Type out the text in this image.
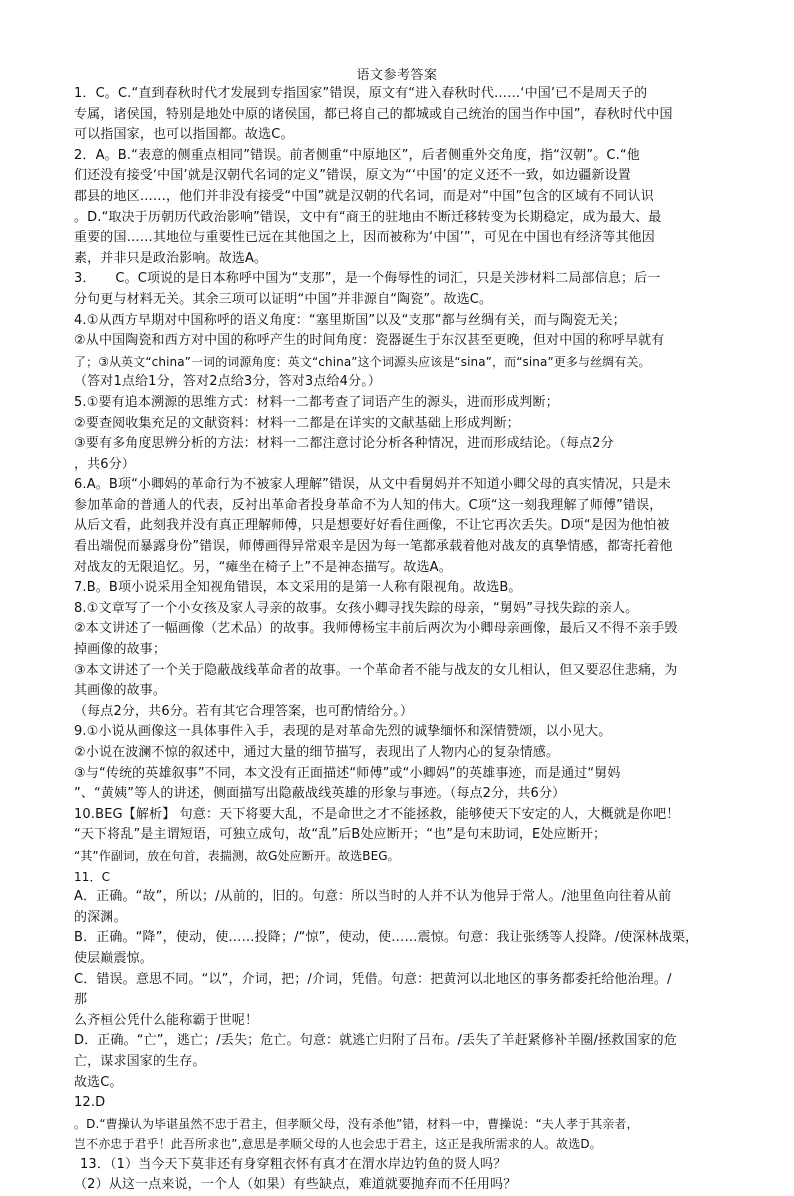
语文参考答案
1．C。C.“直到春秋时代才发展到专指国家”错误，原文有“进入春秋时代……‘中国’已不是周天子的
专属，诸侯国，特别是地处中原的诸侯国，都已将自己的都城或自己统治的国当作中国”，春秋时代中国
可以指国家，也可以指国都。故选C。
2．A。B.“表意的侧重点相同”错误。前者侧重“中原地区”，后者侧重外交角度，指“汉朝”。C.“他
们还没有接受‘中国’就是汉朝代名词的定义”错误，原文为“‘中国’的定义还不一致，如边疆新设置
郡县的地区……，他们并非没有接受“中国”就是汉朝的代名词，而是对“中国”包含的区域有不同认识
。D.“取决于历朝历代政治影响”错误，文中有“商王的驻地由不断迁移转变为长期稳定，成为最大、最
重要的国……其地位与重要性已远在其他国之上，因而被称为‘中国’”，可见在中国也有经济等其他因
素，并非只是政治影响。故选A。
3．　　C。C项说的是日本称呼中国为“支那”，是一个侮辱性的词汇，只是关涉材料二局部信息；后一
分句更与材料无关。其余三项可以证明“中国”并非源自“陶瓷”。故选C。
4.①从西方早期对中国称呼的语义角度：“塞里斯国”以及“支那”都与丝绸有关，而与陶瓷无关；
②从中国陶瓷和西方对中国的称呼产生的时间角度：瓷器诞生于东汉甚至更晚，但对中国的称呼早就有
了；③从英文“china”一词的词源角度：英文“china”这个词源头应该是“sina”，而“sina”更多与丝绸有关。
（答对1点给1分，答对2点给3分，答对3点给4分。）
5.①要有追本溯源的思维方式：材料一二都考查了词语产生的源头，进而形成判断；
②要查阅收集充足的文献资料：材料一二都是在详实的文献基础上形成判断；
③要有多角度思辨分析的方法：材料一二都注意讨论分析各种情况，进而形成结论。（每点2分
，共6分）
6.A。B项“小卿妈的革命行为不被家人理解”错误，从文中看舅妈并不知道小卿父母的真实情况，只是未
参加革命的普通人的代表，反衬出革命者投身革命不为人知的伟大。C项“这一刻我理解了师傅”错误，
从后文看，此刻我并没有真正理解师傅，只是想要好好看住画像，不让它再次丢失。D项“是因为他怕被
看出端倪而暴露身份”错误，师傅画得异常艰辛是因为每一笔都承载着他对战友的真挚情感，都寄托着他
对战友的无限追忆。另，“瘫坐在椅子上”不是神态描写。故选A。
7.B。B项小说采用全知视角错误，本文采用的是第一人称有限视角。故选B。
8.①文章写了一个小女孩及家人寻亲的故事。女孩小卿寻找失踪的母亲，“舅妈”寻找失踪的亲人。
②本文讲述了一幅画像（艺术品）的故事。我师傅杨宝丰前后两次为小卿母亲画像，最后又不得不亲手毁
掉画像的故事；
③本文讲述了一个关于隐蔽战线革命者的故事。一个革命者不能与战友的女儿相认，但又要忍住悲痛，为
其画像的故事。
（每点2分，共6分。若有其它合理答案，也可酌情给分。）
9.①小说从画像这一具体事件入手，表现的是对革命先烈的诚挚缅怀和深情赞颂，以小见大。
②小说在波澜不惊的叙述中，通过大量的细节描写，表现出了人物内心的复杂情感。
③与“传统的英雄叙事”不同，本文没有正面描述“师傅”或“小卿妈”的英雄事迹，而是通过“舅妈
”、“黄姨”等人的讲述，侧面描写出隐蔽战线英雄的形象与事迹。（每点2分，共6分）
10.BEG【解析】 句意：天下将要大乱，不是命世之才不能拯救，能够使天下安定的人，大概就是你吧！
“天下将乱”是主谓短语，可独立成句，故“乱”后B处应断开；“也”是句末助词，E处应断开；
“其”作副词，放在句首，表揣测，故G处应断开。故选BEG。
11．C
A．正确。“故”，所以；/从前的，旧的。句意：所以当时的人并不认为他异于常人。/池里鱼向往着从前
的深渊。
B．正确。“降”，使动，使……投降；/“惊”，使动，使……震惊。句意：我让张绣等人投降。/使深林战栗，
使层巅震惊。
C．错误。意思不同。“以”，介词，把；/介词，凭借。句意：把黄河以北地区的事务都委托给他治理。/
那
么齐桓公凭什么能称霸于世呢！
D．正确。“亡”，逃亡；/丢失；危亡。句意：就逃亡归附了吕布。/丢失了羊赶紧修补羊圈/拯救国家的危
亡，谋求国家的生存。
故选C。
12.D
。D.“曹操认为毕谌虽然不忠于君主，但孝顺父母，没有杀他”错，材料一中，曹操说：“夫人孝于其亲者，
岂不亦忠于君乎！此吾所求也”,意思是孝顺父母的人也会忠于君主，这正是我所需求的人。故选D。
13．（1）当今天下莫非还有身穿粗衣怀有真才在渭水岸边钓鱼的贤人吗？
（2）从这一点来说，一个人（如果）有些缺点，难道就要抛弃而不任用吗？
